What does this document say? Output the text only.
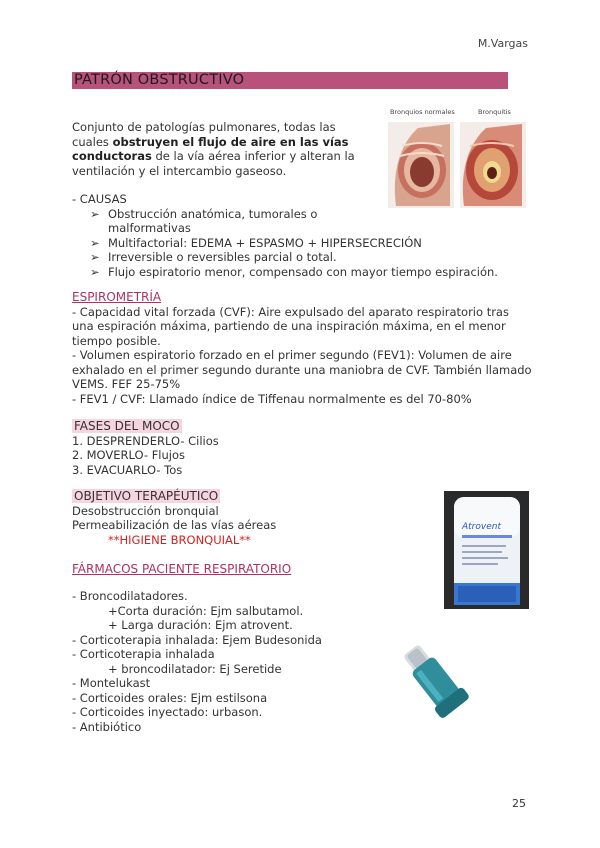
M.Vargas
PATRÓN OBSTRUCTIVO
Conjunto de patologías pulmonares, todas las cuales obstruyen el flujo de aire en las vías conductoras de la vía aérea inferior y alteran la ventilación y el intercambio gaseoso.
Bronquios normales	Bronquitis
- CAUSAS
➢ Obstrucción anatómica, tumorales o malformativas
➢ Multifactorial: EDEMA + ESPASMO + HIPERSECRECIÓN
➢ Irreversible o reversibles parcial o total.
➢ Flujo espiratorio menor, compensado con mayor tiempo espiración.
ESPIROMETRÍA
- Capacidad vital forzada (CVF): Aire expulsado del aparato respiratorio tras una espiración máxima, partiendo de una inspiración máxima, en el menor tiempo posible.
- Volumen espiratorio forzado en el primer segundo (FEV1): Volumen de aire exhalado en el primer segundo durante una maniobra de CVF. También llamado VEMS. FEF 25-75%
- FEV1 / CVF: Llamado índice de Tiffenau normalmente es del 70-80%
FASES DEL MOCO
1. DESPRENDERLO- Cilios
2. MOVERLO- Flujos
3. EVACUARLO- Tos
OBJETIVO TERAPÉUTICO
Desobstrucción bronquial
Permeabilización de las vías aéreas
**HIGIENE BRONQUIAL**
Atrovent
FÁRMACOS PACIENTE RESPIRATORIO
- Broncodilatadores.
+Corta duración: Ejm salbutamol.
+ Larga duración: Ejm atrovent.
- Corticoterapia inhalada: Ejem Budesonida
- Corticoterapia inhalada
+ broncodilatador: Ej Seretide
- Montelukast
- Corticoides orales: Ejm estilsona
- Corticoides inyectado: urbason.
- Antibiótico
25
